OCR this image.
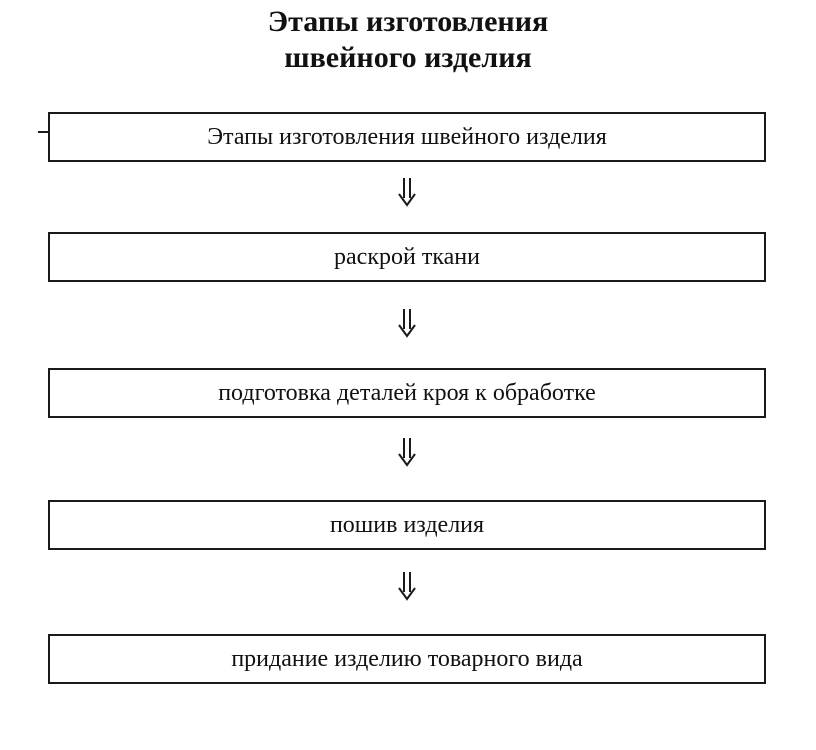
Этапы изготовления
швейного изделия
Этапы изготовления швейного изделия
раскрой ткани
подготовка деталей кроя к обработке
пошив изделия
придание изделию товарного вида
